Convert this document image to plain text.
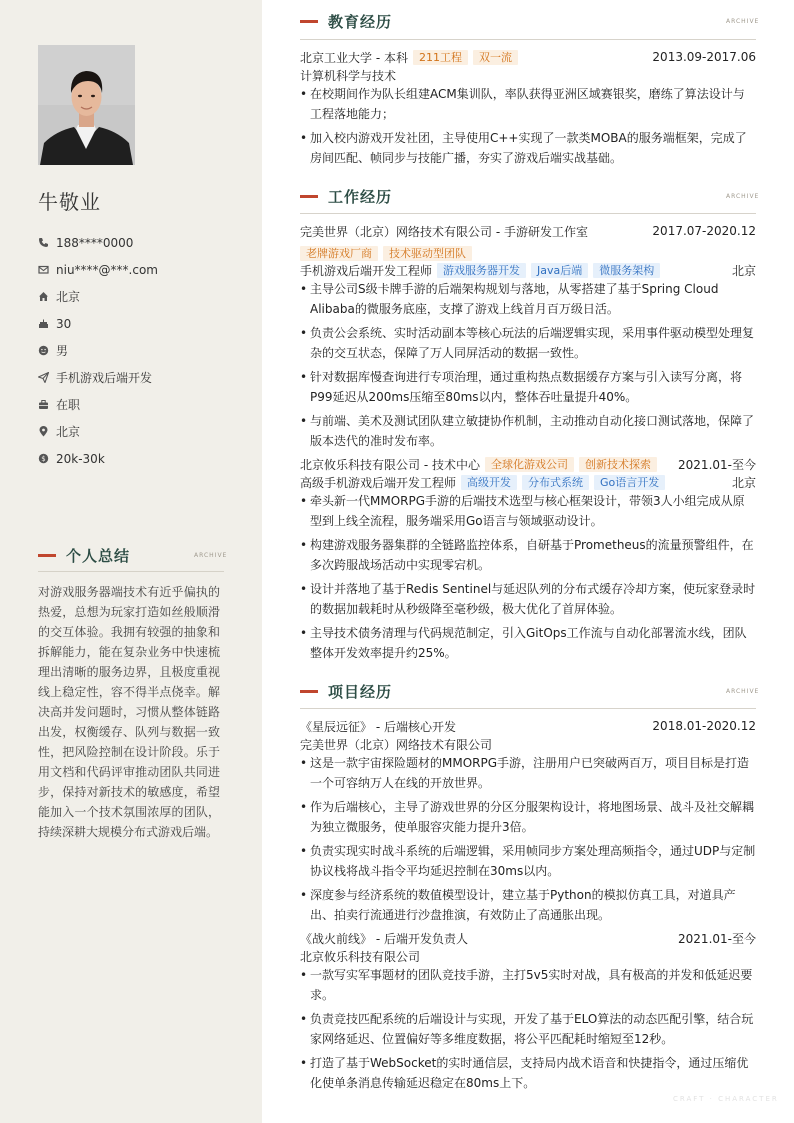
牛敬业
188****0000
niu****@***.com
北京
30
男
手机游戏后端开发
在职
北京
$ 20k-30k
个人总结	ARCHIVE
对游戏服务器端技术有近乎偏执的热爱，总想为玩家打造如丝般顺滑的交互体验。我拥有较强的抽象和拆解能力，能在复杂业务中快速梳理出清晰的服务边界，且极度重视线上稳定性，容不得半点侥幸。解决高并发问题时，习惯从整体链路出发，权衡缓存、队列与数据一致性，把风险控制在设计阶段。乐于用文档和代码评审推动团队共同进步，保持对新技术的敏感度，希望能加入一个技术氛围浓厚的团队，持续深耕大规模分布式游戏后端。
教育经历	ARCHIVE
北京工业大学 - 本科	211工程	双一流	2013.09-2017.06
计算机科学与技术
• 在校期间作为队长组建ACM集训队，率队获得亚洲区域赛银奖，磨练了算法设计与工程落地能力；
• 加入校内游戏开发社团，主导使用C++实现了一款类MOBA的服务端框架，完成了房间匹配、帧同步与技能广播，夯实了游戏后端实战基础。
工作经历	ARCHIVE
完美世界（北京）网络技术有限公司 - 手游研发工作室	2017.07-2020.12
老牌游戏厂商	技术驱动型团队
手机游戏后端开发工程师	游戏服务器开发	Java后端	微服务架构	北京
• 主导公司S级卡牌手游的后端架构规划与落地，从零搭建了基于Spring Cloud Alibaba的微服务底座，支撑了游戏上线首月百万级日活。
• 负责公会系统、实时活动副本等核心玩法的后端逻辑实现，采用事件驱动模型处理复杂的交互状态，保障了万人同屏活动的数据一致性。
• 针对数据库慢查询进行专项治理，通过重构热点数据缓存方案与引入读写分离，将P99延迟从200ms压缩至80ms以内，整体吞吐量提升40%。
• 与前端、美术及测试团队建立敏捷协作机制，主动推动自动化接口测试落地，保障了版本迭代的准时发布率。
北京攸乐科技有限公司 - 技术中心	全球化游戏公司	创新技术探索	2021.01-至今
高级手机游戏后端开发工程师	高级开发	分布式系统	Go语言开发	北京
• 牵头新一代MMORPG手游的后端技术选型与核心框架设计，带领3人小组完成从原型到上线全流程，服务端采用Go语言与领域驱动设计。
• 构建游戏服务器集群的全链路监控体系，自研基于Prometheus的流量预警组件，在多次跨服战场活动中实现零宕机。
• 设计并落地了基于Redis Sentinel与延迟队列的分布式缓存冷却方案，使玩家登录时的数据加载耗时从秒级降至毫秒级，极大优化了首屏体验。
• 主导技术债务清理与代码规范制定，引入GitOps工作流与自动化部署流水线，团队整体开发效率提升约25%。
项目经历	ARCHIVE
《星辰远征》 - 后端核心开发	2018.01-2020.12
完美世界（北京）网络技术有限公司
• 这是一款宇宙探险题材的MMORPG手游，注册用户已突破两百万，项目目标是打造一个可容纳万人在线的开放世界。
• 作为后端核心，主导了游戏世界的分区分服架构设计，将地图场景、战斗及社交解耦为独立微服务，使单服容灾能力提升3倍。
• 负责实现实时战斗系统的后端逻辑，采用帧同步方案处理高频指令，通过UDP与定制协议栈将战斗指令平均延迟控制在30ms以内。
• 深度参与经济系统的数值模型设计，建立基于Python的模拟仿真工具，对道具产出、拍卖行流通进行沙盘推演，有效防止了高通胀出现。
《战火前线》 - 后端开发负责人	2021.01-至今
北京攸乐科技有限公司
• 一款写实军事题材的团队竞技手游，主打5v5实时对战，具有极高的并发和低延迟要求。
• 负责竞技匹配系统的后端设计与实现，开发了基于ELO算法的动态匹配引擎，结合玩家网络延迟、位置偏好等多维度数据，将公平匹配耗时缩短至12秒。
• 打造了基于WebSocket的实时通信层，支持局内战术语音和快捷指令，通过压缩优化使单条消息传输延迟稳定在80ms上下。
CRAFT · CHARACTER
